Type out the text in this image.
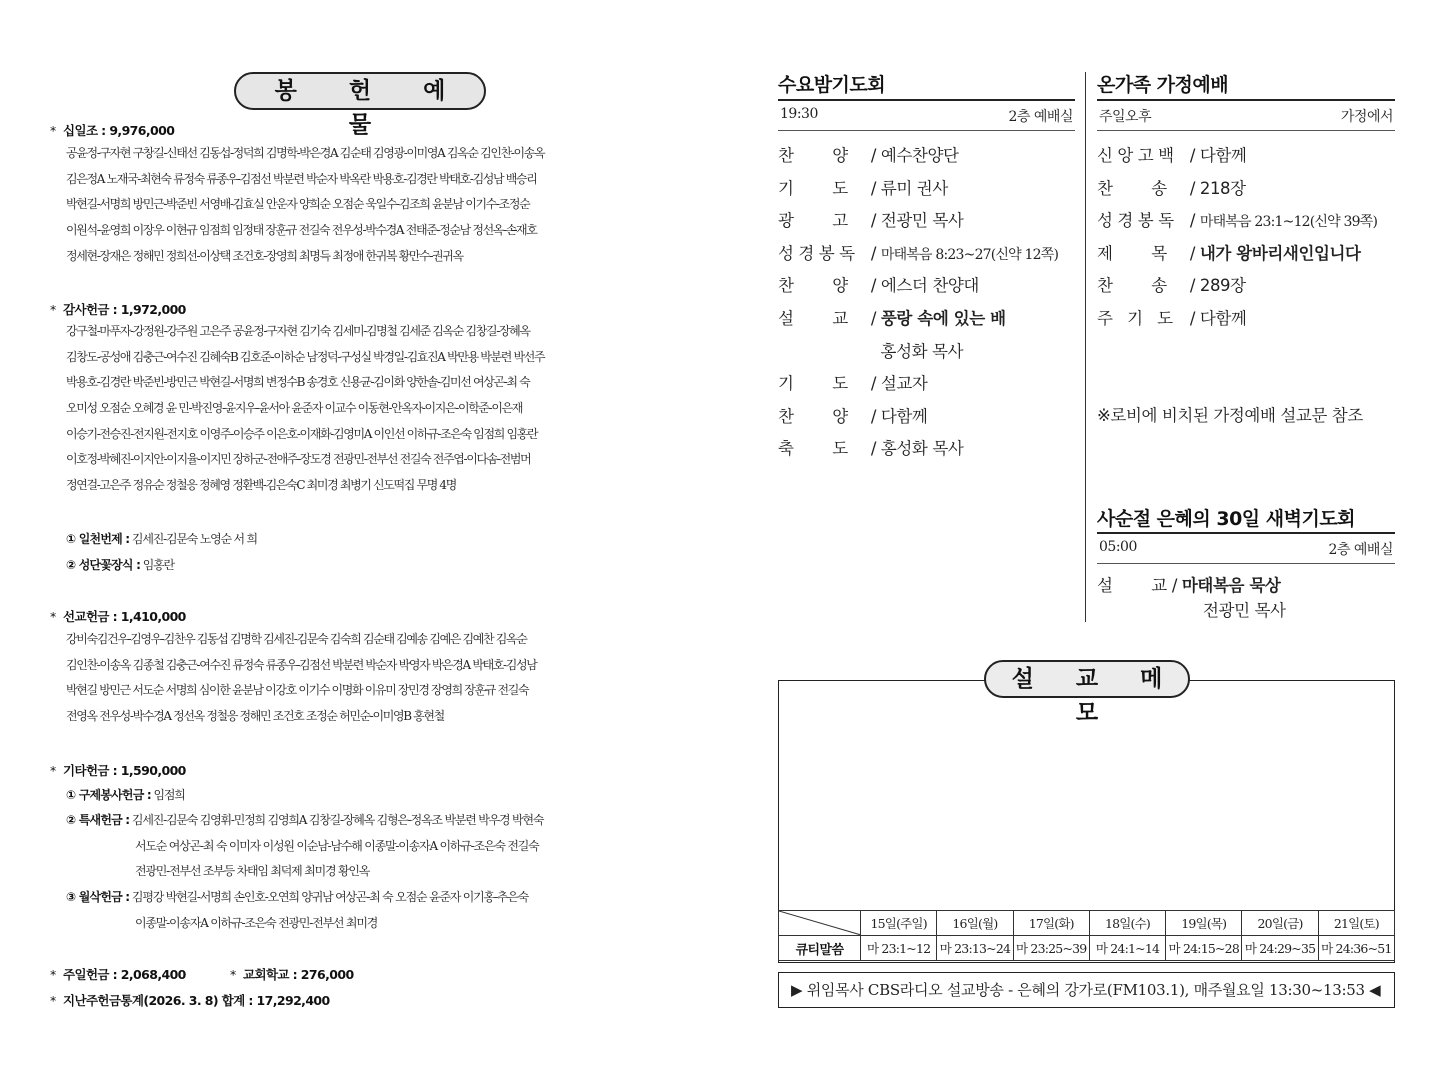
봉 헌 예 물
* 십일조 : 9,976,000
공윤정-구자현 구창길-신태선 김동섭-정덕희 김명학-박은경A 김순태 김영광-이미영A 김옥순 김인찬-이송옥
김은정A 노재국-최현숙 류정숙 류종우-김점선 박분련 박순자 박옥란 박용호-김경란 박태호-김성남 백승리
박현길-서명희 방민근-박준빈 서영배-김효실 안운자 양희순 오점순 욱일수-김조희 윤분남 이기수-조정순
이원석-윤영희 이장우 이현규 임점희 임정태 장훈규 전길숙 전우성-박수경A 전태준-정순남 정선옥-손재호
정세현-장재은 정해민 정희선-이상택 조건호-장영희 최명득 최정애 한귀복 황만수-권귀옥
* 감사헌금 : 1,972,000
강구철-마푸자-강정원-강주원 고은주 공윤정-구자현 김기숙 김세미-김명철 김세준 김옥순 김창길-장혜옥
김창도-공성애 김충근-여수진 김혜숙B 김호준-이하순 남정덕-구성실 박경일-김효진A 박만용 박분련 박선주
박용호-김경란 박준빈-방민근 박현길-서명희 변정수B 송경호 신용균-김이화 양한솔-김미선 여상곤-최 숙
오미성 오점순 오혜경 윤 민-박진영-윤지우-윤서아 윤준자 이교수 이동현-안옥자-이지은-이학준-이은재
이승기-전승진-전지원-전지호 이영주-이승주 이은호-이재화-김영미A 이인선 이하규-조은숙 임점희 임홍란
이호정-박혜진-이지안-이지율-이지민 장하군-전애주-장도경 전광민-전부선 전길숙 전주엽-이다솜-전범머
정연걸-고은주 정유순 정철응 정혜영 정환백-김은숙C 최미경 최병기 신도떡집 무명 4명
① 일천번제 : 김세진-김문숙 노영순 서 희
② 성단꽃장식 : 임홍란
* 선교헌금 : 1,410,000
강비숙김건우-김영우-김찬우 김동섭 김명학 김세진-김문숙 김숙희 김순태 김예송 김예은 김예찬 김옥순
김인찬-이송옥 김종철 김충근-여수진 류정숙 류종우-김점선 박분련 박순자 박영자 박은경A 박태호-김성남
박현길 방민근 서도순 서명희 심이한 윤분남 이강호 이기수 이명화 이유미 장민경 장영희 장훈규 전길숙
전영옥 전우성-박수경A 정선옥 정철응 정해민 조건호 조정순 허민순-이미영B 홍현철
* 기타헌금 : 1,590,000
① 구제봉사헌금 : 임점희
② 특새헌금 : 김세진-김문숙 김영휘-민정희 김영희A 김창길-장혜옥 김형은-정옥조 박분련 박우경 박현숙
서도순 여상곤-최 숙 이미자 이성원 이순남-남수해 이종말-이송자A 이하규-조은숙 전길숙
전광민-전부선 조부등 차태임 최덕제 최미경 황인옥
③ 월삭헌금 : 김평강 박현길-서명희 손인호-오연희 양귀남 여상곤-최 숙 오점순 윤준자 이기홍-추은숙
이종말-이송자A 이하규-조은숙 전광민-전부선 최미경
* 주일헌금 : 2,068,400	* 교회학교 : 276,000
* 지난주헌금통계(2026. 3. 8) 합계 : 17,292,400
수요밤기도회
19:30	2층 예배실
찬        양 / 예수찬양단
기        도 / 류미 권사
광        고 / 전광민 목사
성 경 봉 독 / 마태복음 8:23~27(신약 12쪽)
찬        양 / 에스더 찬양대
설        교 / 풍랑 속에 있는 배
홍성화 목사
기        도 / 설교자
찬        양 / 다함께
축        도 / 홍성화 목사
온가족 가정예배
주일오후	가정에서
신 앙 고 백 / 다함께
찬        송 / 218장
성 경 봉 독 / 마태복음 23:1~12(신약 39쪽)
제        목 / 내가 왕바리새인입니다
찬        송 / 289장
주   기   도 / 다함께
※로비에 비치된 가정예배 설교문 참조
사순절 은혜의 30일 새벽기도회
05:00	2층 예배실
설        교 / 마태복음 묵상
전광민 목사
설 교 메 모
	15일(주일)	16일(월)	17일(화)	18일(수)	19일(목)	20일(금)	21일(토)
큐티말씀	마 23:1~12	마 23:13~24	마 23:25~39	마 24:1~14	마 24:15~28	마 24:29~35	마 24:36~51
▶ 위임목사 CBS라디오 설교방송 - 은혜의 강가로(FM103.1), 매주월요일 13:30~13:53 ◀
